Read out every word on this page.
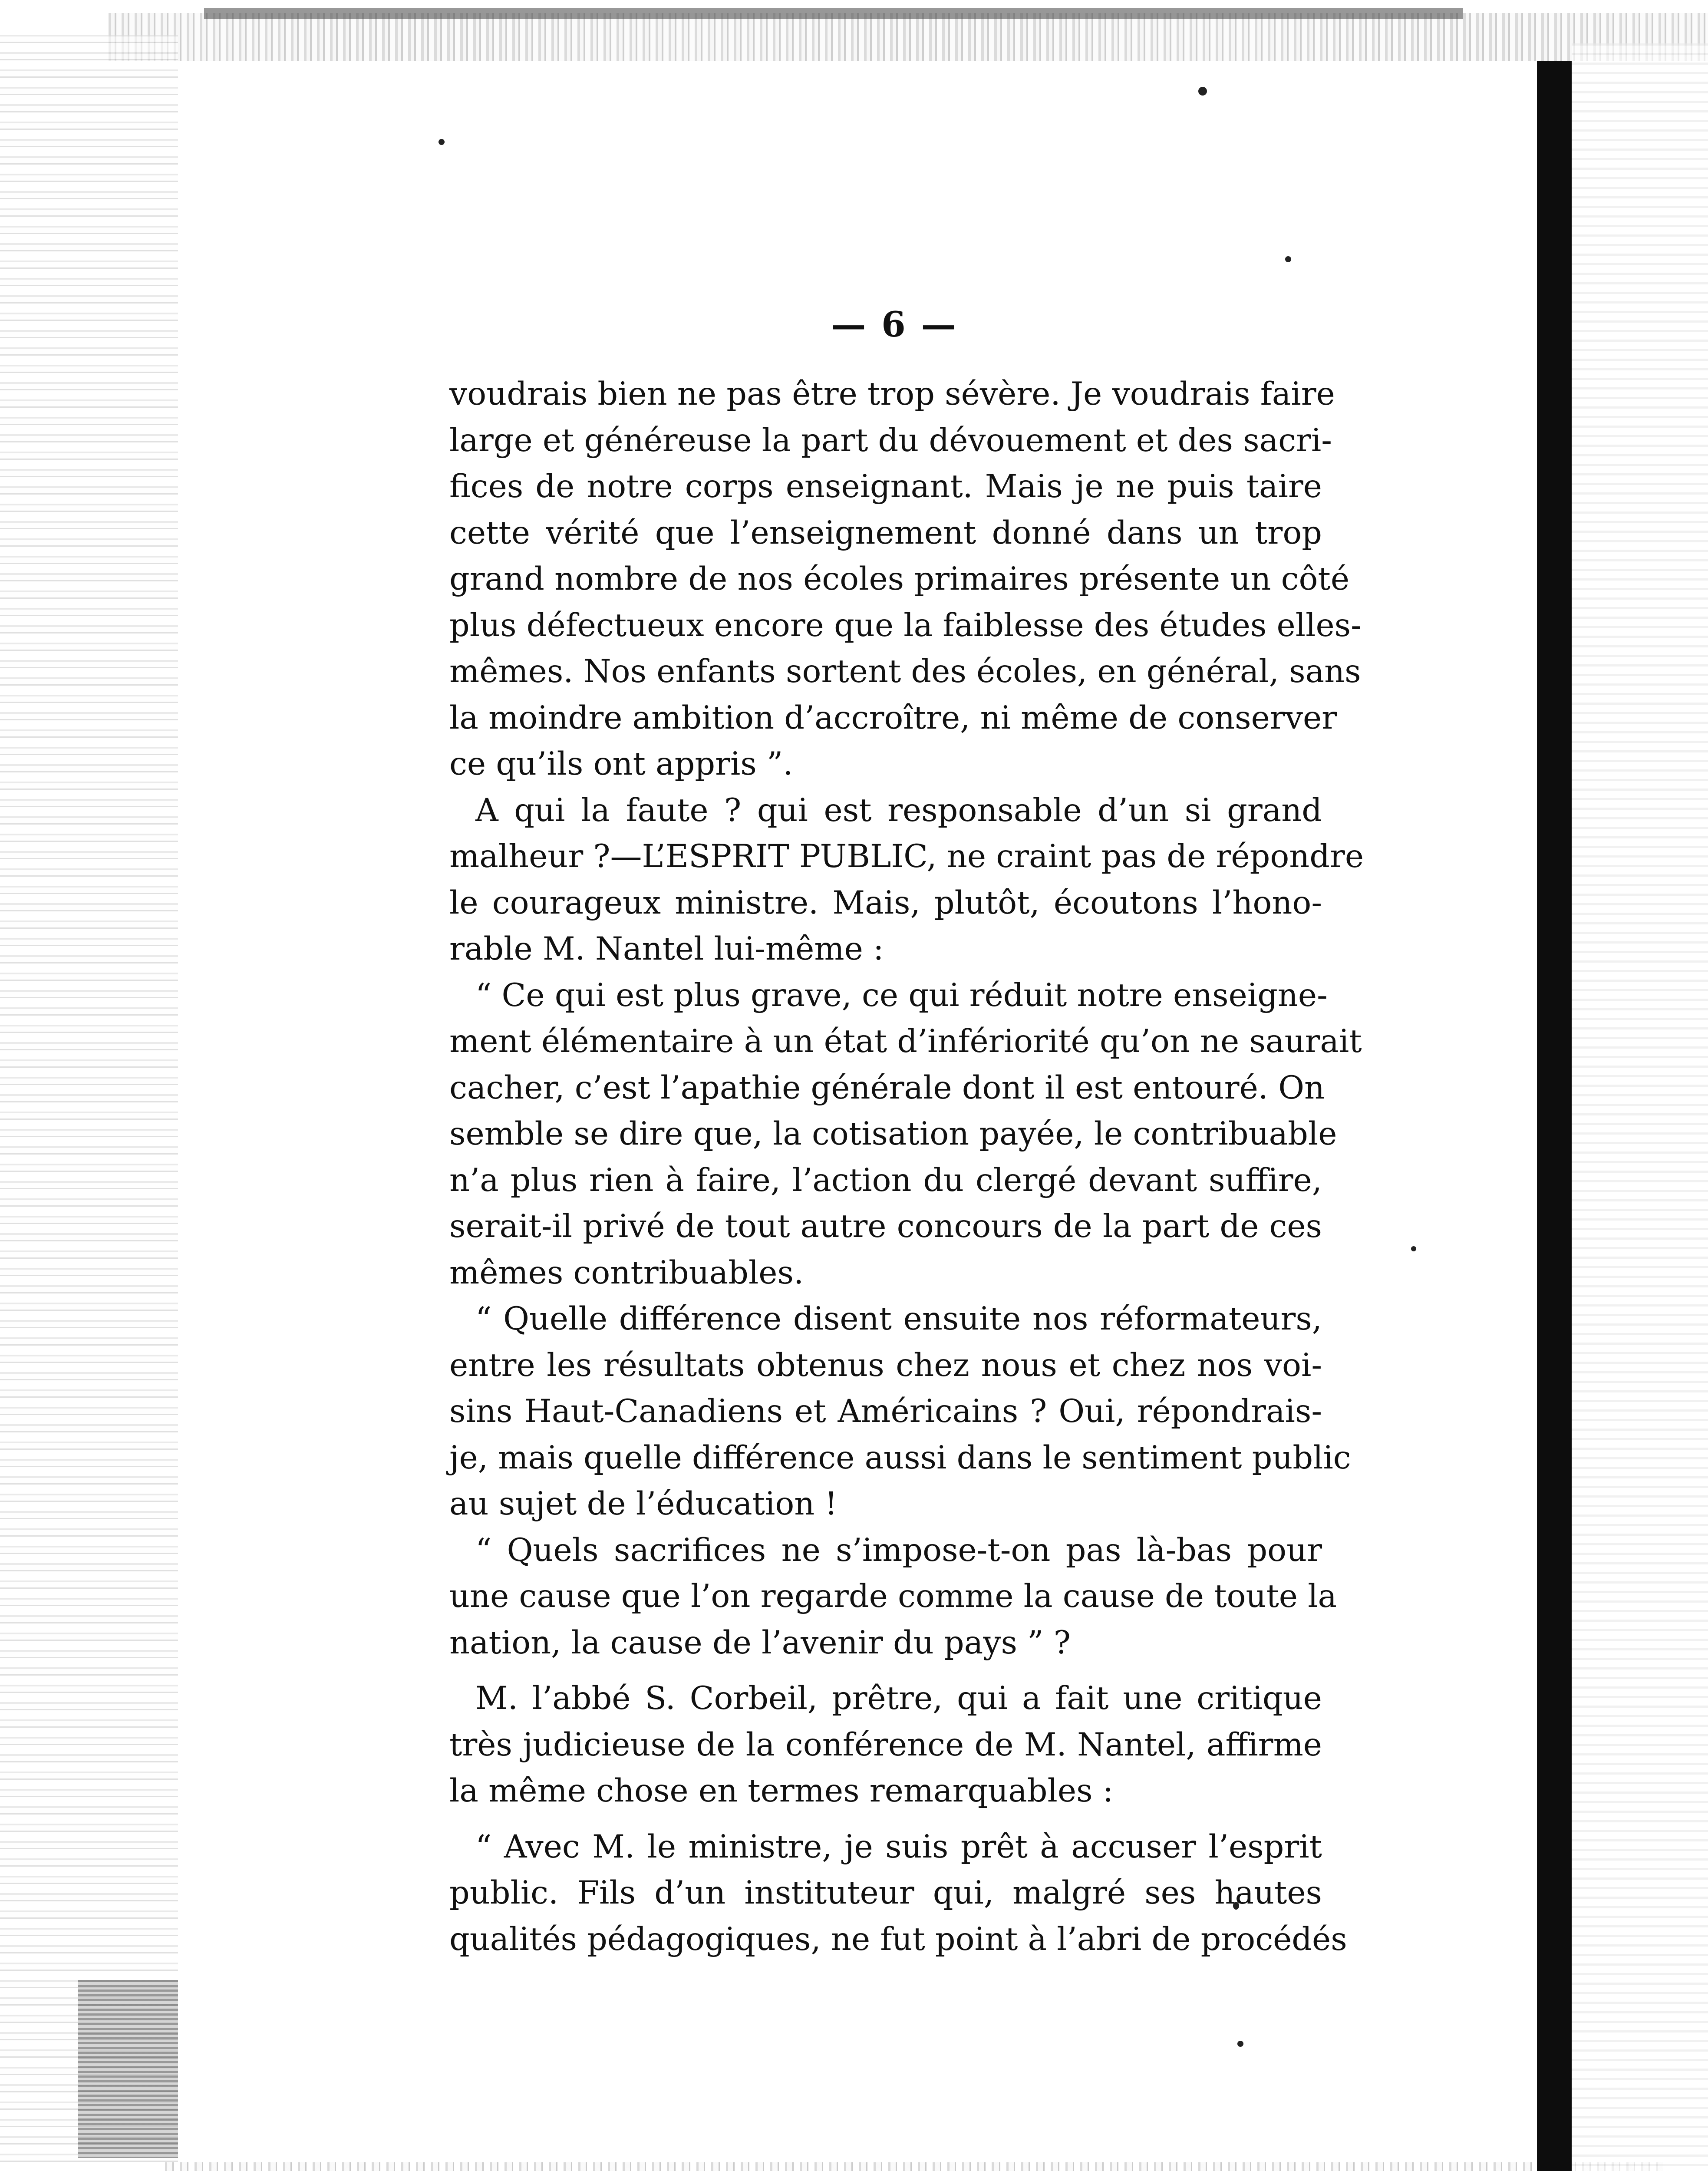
— 6 —
voudrais bien ne pas être trop sévère. Je voudrais faire
large et généreuse la part du dévouement et des sacri-
fices de notre corps enseignant. Mais je ne puis taire
cette vérité que l’enseignement donné dans un trop
grand nombre de nos écoles primaires présente un côté
plus défectueux encore que la faiblesse des études elles-
mêmes. Nos enfants sortent des écoles, en général, sans
la moindre ambition d’accroître, ni même de conserver
ce qu’ils ont appris ”.
A qui la faute ? qui est responsable d’un si grand
malheur ?—L’ESPRIT PUBLIC, ne craint pas de répondre
le courageux ministre. Mais, plutôt, écoutons l’hono-
rable M. Nantel lui-même :
“ Ce qui est plus grave, ce qui réduit notre enseigne-
ment élémentaire à un état d’infériorité qu’on ne saurait
cacher, c’est l’apathie générale dont il est entouré. On
semble se dire que, la cotisation payée, le contribuable
n’a plus rien à faire, l’action du clergé devant suffire,
serait-il privé de tout autre concours de la part de ces
mêmes contribuables.
“ Quelle différence disent ensuite nos réformateurs,
entre les résultats obtenus chez nous et chez nos voi-
sins Haut-Canadiens et Américains ? Oui, répondrais-
je, mais quelle différence aussi dans le sentiment public
au sujet de l’éducation !
“ Quels sacrifices ne s’impose-t-on pas là-bas pour
une cause que l’on regarde comme la cause de toute la
nation, la cause de l’avenir du pays ” ?
M. l’abbé S. Corbeil, prêtre, qui a fait une critique
très judicieuse de la conférence de M. Nantel, affirme
la même chose en termes remarquables :
“ Avec M. le ministre, je suis prêt à accuser l’esprit
public. Fils d’un instituteur qui, malgré ses hautes
qualités pédagogiques, ne fut point à l’abri de procédés
